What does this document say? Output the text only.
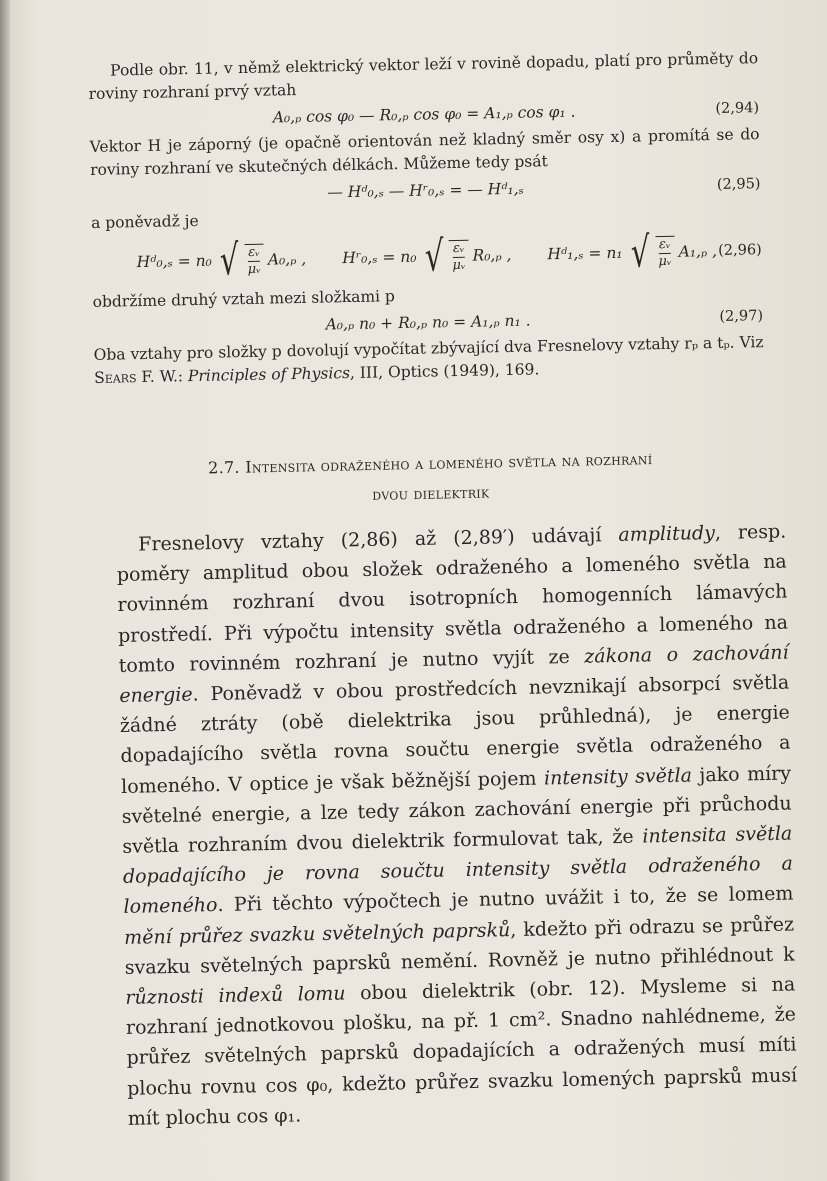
Podle obr. 11, v němž elektrický vektor leží v rovině dopadu, platí pro průměty do roviny rozhraní prvý vztah

A₀,ₚ cos φ₀ — R₀,ₚ cos φ₀ = A₁,ₚ cos φ₁ .	(2,94)

Vektor H je záporný (je opačně orientován než kladný směr osy x) a promítá se do roviny rozhraní ve skutečných délkách. Můžeme tedy psát

— Hᵈ₀,ₛ — Hʳ₀,ₛ = — Hᵈ₁,ₛ	(2,95)

a poněvadž je

Hᵈ₀,ₛ = n₀ √ $\frac{\text{εᵥ}}{\text{μᵥ}} A_0,_p$ , Hʳ₀,ₛ = n₀ √ $\frac{\text{εᵥ}}{\text{μᵥ}} R_0,_p$ , Hᵈ₁,ₛ = n₁ √ $\frac{\text{εᵥ}}{\text{μᵥ}} A_1,_p$ , (2,96)

obdržíme druhý vztah mezi složkami p

A₀,ₚ n₀ + R₀,ₚ n₀ = A₁,ₚ n₁ .	(2,97)

Oba vztahy pro složky p dovolují vypočítat zbývající dva Fresnelovy vztahy rₚ a tₚ. Viz Sears F. W.: Principles of Physics, III, Optics (1949), 169.

2.7. Intensita odraženého a lomeného světla na rozhraní
dvou dielektrik

Fresnelovy vztahy (2,86) až (2,89′) udávají amplitudy, resp. poměry amplitud obou složek odraženého a lomeného světla na rovinném rozhraní dvou isotropních homogenních lámavých prostředí. Při výpočtu intensity světla odraženého a lomeného na tomto rovinném rozhraní je nutno vyjít ze zákona o zachování energie. Poněvadž v obou prostředcích nevznikají absorpcí světla žádné ztráty (obě dielektrika jsou průhledná), je energie dopadajícího světla rovna součtu energie světla odraženého a lomeného. V optice je však běžnější pojem intensity světla jako míry světelné energie, a lze tedy zákon zachování energie při průchodu světla rozhraním dvou dielektrik formulovat tak, že intensita světla dopadajícího je rovna součtu intensity světla odraženého a lomeného. Při těchto výpočtech je nutno uvážit i to, že se lomem mění průřez svazku světelných paprsků, kdežto při odrazu se průřez svazku světelných paprsků nemění. Rovněž je nutno přihlédnout k různosti indexů lomu obou dielektrik (obr. 12). Mysleme si na rozhraní jednotkovou plošku, na př. 1 cm². Snadno nahlédneme, že průřez světelných paprsků dopadajících a odražených musí míti plochu rovnu cos φ₀, kdežto průřez svazku lomených paprsků musí mít plochu cos φ₁.
